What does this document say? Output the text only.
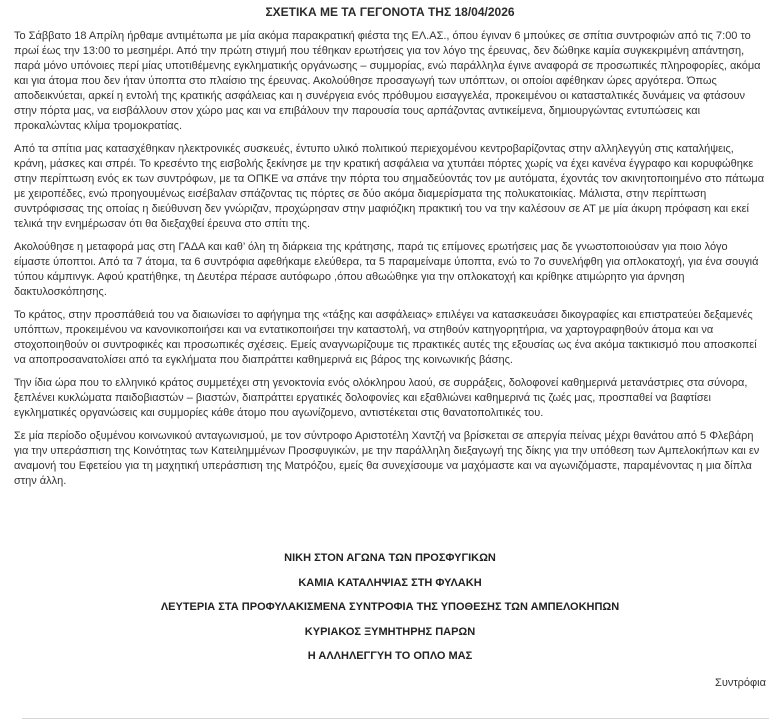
ΣΧΕΤΙΚΑ ΜΕ ΤΑ ΓΕΓΟΝΟΤΑ ΤΗΣ 18/04/2026

Το Σάββατο 18 Απρίλη ήρθαμε αντιμέτωπα με μία ακόμα παρακρατική φιέστα της ΕΛ.ΑΣ., όπου έγιναν 6 μπούκες σε σπίτια συντροφιών από τις 7:00 το πρωί έως την 13:00 το μεσημέρι. Από την πρώτη στιγμή που τέθηκαν ερωτήσεις για τον λόγο της έρευνας, δεν δώθηκε καμία συγκεκριμένη απάντηση, παρά μόνο υπόνοιες περί μίας υποτιθέμενης εγκληματικής οργάνωσης – συμμορίας, ενώ παράλληλα έγινε αναφορά σε προσωπικές πληροφορίες, ακόμα και για άτομα που δεν ήταν ύποπτα στο πλαίσιο της έρευνας. Ακολούθησε προσαγωγή των υπόπτων, οι οποίοι αφέθηκαν ώρες αργότερα. Όπως αποδεικνύεται, αρκεί η εντολή της κρατικής ασφάλειας και η συνέργεια ενός πρόθυμου εισαγγελέα, προκειμένου οι κατασταλτικές δυνάμεις να φτάσουν στην πόρτα μας, να εισβάλλουν στον χώρο μας και να επιβάλουν την παρουσία τους αρπάζοντας αντικείμενα, δημιουργώντας εντυπώσεις και προκαλώντας κλίμα τρομοκρατίας.

Από τα σπίτια μας κατασχέθηκαν ηλεκτρονικές συσκευές, έντυπο υλικό πολιτικού περιεχομένου κεντροβαρίζοντας στην αλληλεγγύη στις καταλήψεις, κράνη, μάσκες και σπρέι. Το κρεσέντο της εισβολής ξεκίνησε με την κρατική ασφάλεια να χτυπάει πόρτες χωρίς να έχει κανένα έγγραφο και κορυφώθηκε στην περίπτωση ενός εκ των συντρόφων, με τα ΟΠΚΕ να σπάνε την πόρτα του σημαδεύοντάς τον με αυτόματα, έχοντάς τον ακινητοποιημένο στο πάτωμα με χειροπέδες, ενώ προηγουμένως εισέβαλαν σπάζοντας τις πόρτες σε δύο ακόμα διαμερίσματα της πολυκατοικίας. Μάλιστα, στην περίπτωση συντρόφισσας της οποίας η διεύθυνση δεν γνώριζαν, προχώρησαν στην μαφιόζικη πρακτική του να την καλέσουν σε ΑΤ με μία άκυρη πρόφαση και εκεί τελικά την ενημέρωσαν ότι θα διεξαχθεί έρευνα στο σπίτι της.

Ακολούθησε η μεταφορά μας στη ΓΑΔΑ και καθ’ όλη τη διάρκεια της κράτησης, παρά τις επίμονες ερωτήσεις μας δε γνωστοποιούσαν για ποιο λόγο είμαστε ύποπτοι. Από τα 7 άτομα, τα 6 συντρόφια αφεθήκαμε ελεύθερα, τα 5 παραμείναμε ύποπτα, ενώ το 7ο συνελήφθη για οπλοκατοχή, για ένα σουγιά τύπου κάμπινγκ. Αφού κρατήθηκε, τη Δευτέρα πέρασε αυτόφωρο ,όπου αθωώθηκε για την οπλοκατοχή και κρίθηκε ατιμώρητο για άρνηση δακτυλοσκόπησης.

Το κράτος, στην προσπάθειά του να διαιωνίσει το αφήγημα της «τάξης και ασφάλειας» επιλέγει να κατασκευάσει δικογραφίες και επιστρατεύει δεξαμενές υπόπτων, προκειμένου να κανονικοποιήσει και να εντατικοποιήσει την καταστολή, να στηθούν κατηγορητήρια, να χαρτογραφηθούν άτομα και να στοχοποιηθούν οι συντροφικές και προσωπικές σχέσεις. Εμείς αναγνωρίζουμε τις πρακτικές αυτές της εξουσίας ως ένα ακόμα τακτικισμό που αποσκοπεί να αποπροσανατολίσει από τα εγκλήματα που διαπράττει καθημερινά εις βάρος της κοινωνικής βάσης.

Την ίδια ώρα που το ελληνικό κράτος συμμετέχει στη γενοκτονία ενός ολόκληρου λαού, σε συρράξεις, δολοφονεί καθημερινά μετανάστριες στα σύνορα, ξεπλένει κυκλώματα παιδοβιαστών – βιαστών, διαπράττει εργατικές δολοφονίες και εξαθλιώνει καθημερινά τις ζωές μας, προσπαθεί να βαφτίσει εγκληματικές οργανώσεις και συμμορίες κάθε άτομο που αγωνίζομενο, αντιστέκεται στις θανατοπολιτικές του.

Σε μία περίοδο οξυμένου κοινωνικού ανταγωνισμού, με τον σύντροφο Αριστοτέλη Χαντζή να βρίσκεται σε απεργία πείνας μέχρι θανάτου από 5 Φλεβάρη για την υπεράσπιση της Κοινότητας των Κατειλημμένων Προσφυγικών, με την παράλληλη διεξαγωγή της δίκης για την υπόθεση των Αμπελοκήπων και εν αναμονή του Εφετείου για τη μαχητική υπεράσπιση της Ματρόζου, εμείς θα συνεχίσουμε να μαχόμαστε και να αγωνιζόμαστε, παραμένοντας η μια δίπλα στην άλλη.

ΝΙΚΗ ΣΤΟΝ ΑΓΩΝΑ ΤΩΝ ΠΡΟΣΦΥΓΙΚΩΝ
ΚΑΜΙΑ ΚΑΤΑΛΗΨΙΑΣ ΣΤΗ ΦΥΛΑΚΗ
ΛΕΥΤΕΡΙΑ ΣΤΑ ΠΡΟΦΥΛΑΚΙΣΜΕΝΑ ΣΥΝΤΡΟΦΙΑ ΤΗΣ ΥΠΟΘΕΣΗΣ ΤΩΝ ΑΜΠΕΛΟΚΗΠΩΝ
ΚΥΡΙΑΚΟΣ ΞΥΜΗΤΗΡΗΣ ΠΑΡΩΝ
Η ΑΛΛΗΛΕΓΓΥΗ ΤΟ ΟΠΛΟ ΜΑΣ
Συντρόφια
